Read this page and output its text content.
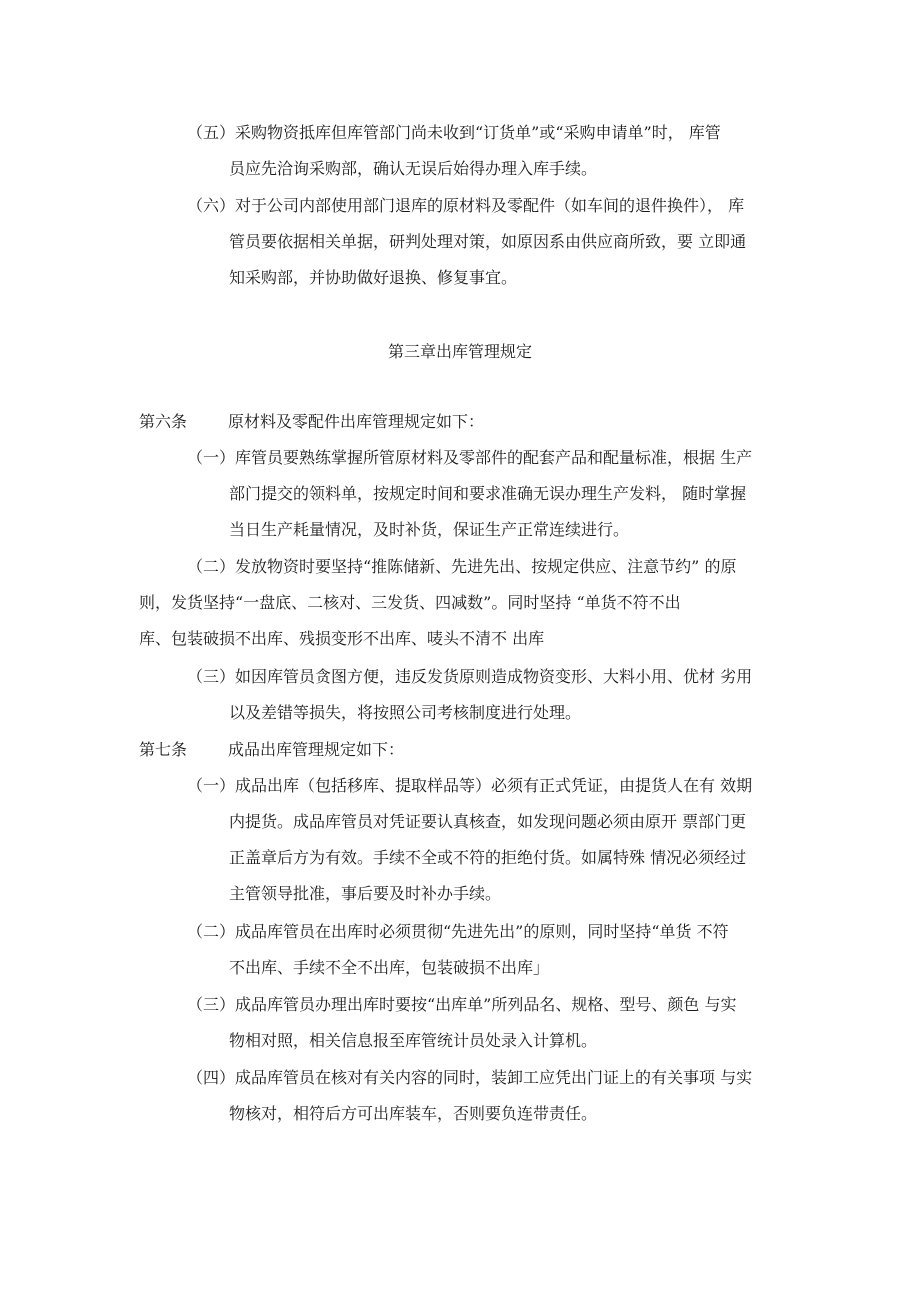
（五）采购物资抵库但库管部门尚未收到“订货单”或“采购申请单”时， 库管
员应先洽询采购部，确认无误后始得办理入库手续。
（六）对于公司内部使用部门退库的原材料及零配件（如车间的退件换件）， 库
管员要依据相关单据，研判处理对策，如原因系由供应商所致，要 立即通
知采购部，并协助做好退换、修复事宜。
第三章出库管理规定
第六条	原材料及零配件出库管理规定如下：
（一）库管员要熟练掌握所管原材料及零部件的配套产品和配量标准，根据 生产
部门提交的领料单，按规定时间和要求准确无误办理生产发料， 随时掌握
当日生产耗量情况，及时补货，保证生产正常连续进行。
（二）发放物资时要坚持“推陈储新、先进先出、按规定供应、注意节约” 的原
则，发货坚持“一盘底、二核对、三发货、四减数”。同时坚持 “单货不符不出
库、包装破损不出库、残损变形不出库、唛头不清不 出库
（三）如因库管员贪图方便，违反发货原则造成物资变形、大料小用、优材 劣用
以及差错等损失，将按照公司考核制度进行处理。
第七条	成品出库管理规定如下：
（一）成品出库（包括移库、提取样品等）必须有正式凭证，由提货人在有 效期
内提货。成品库管员对凭证要认真核查，如发现问题必须由原开 票部门更
正盖章后方为有效。手续不全或不符的拒绝付货。如属特殊 情况必须经过
主管领导批准，事后要及时补办手续。
（二）成品库管员在出库时必须贯彻“先进先出”的原则，同时坚持“单货 不符
不出库、手续不全不出库，包装破损不出库」
（三）成品库管员办理出库时要按“出库单”所列品名、规格、型号、颜色 与实
物相对照，相关信息报至库管统计员处录入计算机。
（四）成品库管员在核对有关内容的同时，装卸工应凭出门证上的有关事项 与实
物核对，相符后方可出库装车，否则要负连带责任。
